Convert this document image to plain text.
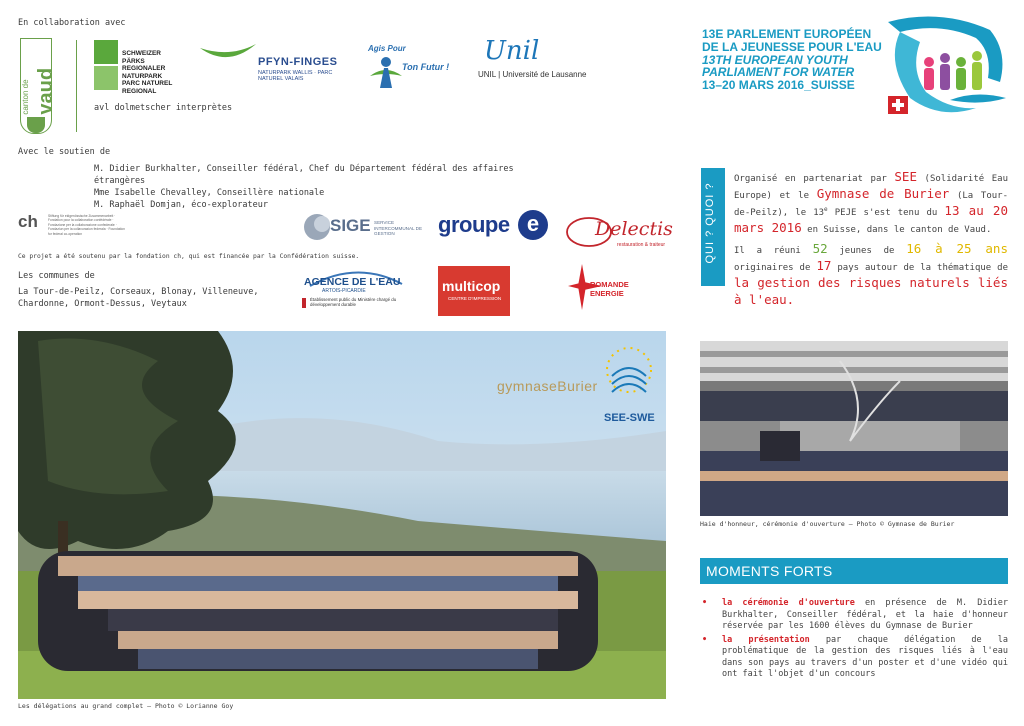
En collaboration avec
canton de vaud
SCHWEIZER PÄRKS REGIONALER NATURPARK PARC NATUREL REGIONAL
PFYN-FINGES
NATURPARK WALLIS · PARC NATUREL VALAIS
Agis Pour
Ton Futur !
Unil
UNIL | Université de Lausanne
avl dolmetscher interprètes
Avec le soutien de
M. Didier Burkhalter, Conseiller fédéral, Chef du Département fédéral des affaires étrangères
Mme Isabelle Chevalley, Conseillère nationale
M. Raphaël Domjan, éco-explorateur
ch	Stiftung für eidgenössische Zusammenarbeit · Fondation pour la collaboration confédérale · Fondazione per la collaborazione confederale · Fundaziun per la collavuraziun federala · Foundation for federal co-operation
Ce projet a été soutenu par la fondation ch, qui est financée par la Confédération suisse.
Les communes de
La Tour-de-Peilz, Corseaux, Blonay, Villeneuve,
Chardonne, Ormont-Dessus, Veytaux
SIGE SERVICE INTERCOMMUNAL DE GESTION	groupe e	Delectis
restauration & traiteur
AGENCE DE L'EAU
ARTOIS-PICARDIE
Établissement public du Ministère chargé du développement durable
multicop
CENTRE D'IMPRESSION
ROMANDE
ENERGIE
13E PARLEMENT EUROPÉEN
DE LA JEUNESSE POUR L'EAU
13TH EUROPEAN YOUTH
PARLIAMENT FOR WATER
13–20 MARS 2016_SUISSE
QUI ? QUOI ?

Organisé en partenariat par SEE (Solidarité Eau Europe) et le Gymnase de Burier (La Tour-de-Peilz), le 13e PEJE s'est tenu du 13 au 20 mars 2016 en Suisse, dans le canton de Vaud.

Il a réuni 52 jeunes de 16 à 25 ans originaires de 17 pays autour de la thématique de la gestion des risques naturels liés à l'eau.

gymnaseBurier
SEE-SWE
Les délégations au grand complet – Photo © Lorianne Goy
Haie d'honneur, cérémonie d'ouverture – Photo © Gymnase de Burier
MOMENTS FORTS
• la cérémonie d'ouverture en présence de M. Didier Burkhalter, Conseiller fédéral, et la haie d'honneur réservée par les 1600 élèves du Gymnase de Burier
• la présentation par chaque délégation de la problématique de la gestion des risques liés à l'eau dans son pays au travers d'un poster et d'une vidéo qui ont fait l'objet d'un concours
